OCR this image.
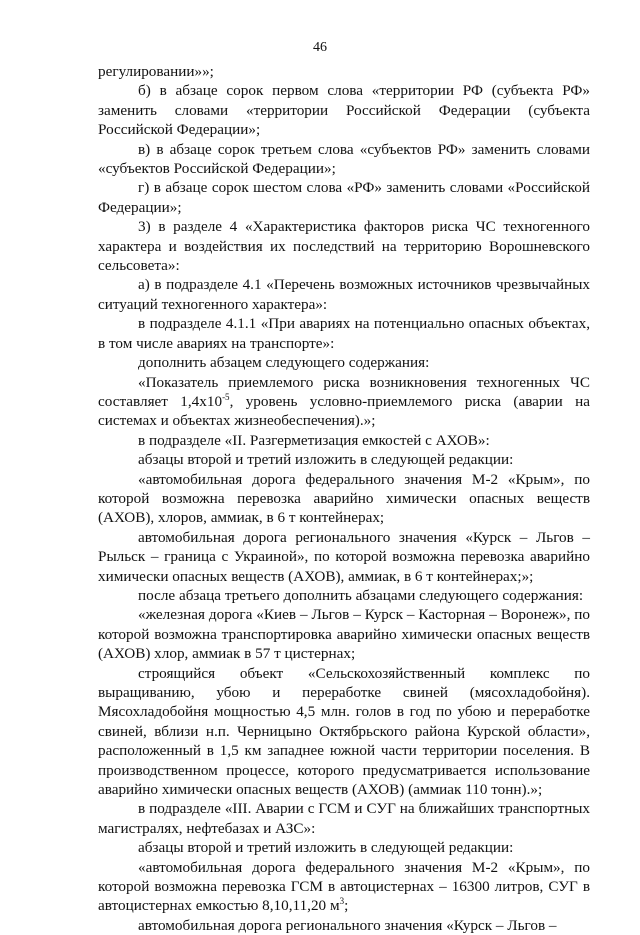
46

регулировании»»;

б) в абзаце сорок первом слова «территории РФ (субъекта РФ» заменить словами «территории Российской Федерации (субъекта Российской Федерации»;

в) в абзаце сорок третьем слова «субъектов РФ» заменить словами «субъектов Российской Федерации»;

г) в абзаце сорок шестом слова «РФ» заменить словами «Российской Федерации»;

3) в разделе 4 «Характеристика факторов риска ЧС техногенного характера и воздействия их последствий на территорию Ворошневского сельсовета»:

а) в подразделе 4.1 «Перечень возможных источников чрезвычайных ситуаций техногенного характера»:

в подразделе 4.1.1 «При авариях на потенциально опасных объектах, в том числе авариях на транспорте»:

дополнить абзацем следующего содержания:

«Показатель приемлемого риска возникновения техногенных ЧС составляет $1,4х10^{-5}$, уровень условно-приемлемого риска (аварии на системах и объектах жизнеобеспечения).»;

в подразделе «II. Разгерметизация емкостей с АХОВ»:

абзацы второй и третий изложить в следующей редакции:

«автомобильная дорога федерального значения М-2 «Крым», по которой возможна перевозка аварийно химически опасных веществ (АХОВ), хлоров, аммиак, в 6 т контейнерах;

автомобильная дорога регионального значения «Курск – Льгов – Рыльск – граница с Украиной», по которой возможна перевозка аварийно химически опасных веществ (АХОВ), аммиак, в 6 т контейнерах;»;

после абзаца третьего дополнить абзацами следующего содержания:

«железная дорога «Киев – Льгов – Курск – Касторная – Воронеж», по которой возможна транспортировка аварийно химически опасных веществ (АХОВ) хлор, аммиак в 57 т цистернах;

строящийся объект «Сельскохозяйственный комплекс по выращиванию, убою и переработке свиней (мясохладобойня). Мясохладобойня мощностью 4,5 млн. голов в год по убою и переработке свиней, вблизи н.п. Черницыно Октябрьского района Курской области», расположенный в 1,5 км западнее южной части территории поселения. В производственном процессе, которого предусматривается использование аварийно химически опасных веществ (АХОВ) (аммиак 110 тонн).»;

в подразделе «III. Аварии с ГСМ и СУГ на ближайших транспортных магистралях, нефтебазах и АЗС»:

абзацы второй и третий изложить в следующей редакции:

«автомобильная дорога федерального значения М-2 «Крым», по которой возможна перевозка ГСМ в автоцистернах – 16300 литров, СУГ в автоцистернах емкостью 8,10,11,20 $м^3$;

автомобильная дорога регионального значения «Курск – Льгов –
